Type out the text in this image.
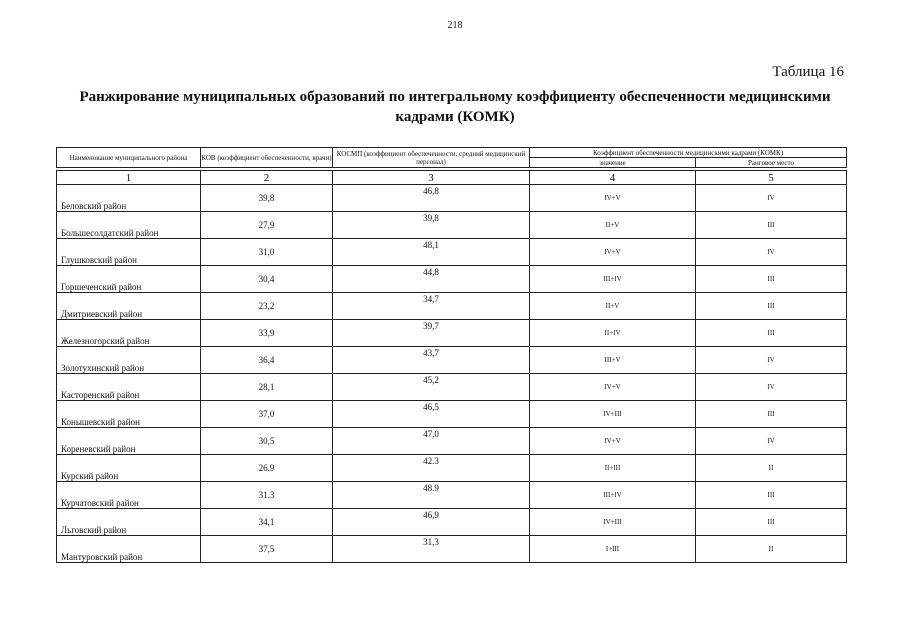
218
Таблица 16
Ранжирование муниципальных образований по интегральному коэффициенту обеспеченности медицинскими
кадрами (КОМК)
Наименование муниципального района	КОВ (коэффициент обеспеченности, врачи)	КОСМП (коэффициент обеспеченности, средний медицинский персонал)	Коэффициент обеспеченности медицинскими кадрами (КОМК)	
			значение	Ранговое место

1	2	3	4	5
Беловский район	39,8	46,8	IV+V	IV
Большесолдатский район	27,9	39,8	II+V	III
Глушковский район	31,0	48,1	IV+V	IV
Горшеченский район	30,4	44,8	III+IV	III
Дмитриевский район	23,2	34,7	II+V	III
Железногорский район	33,9	39,7	II+IV	III
Золотухинский район	36,4	43,7	III+V	IV
Касторенский район	28,1	45,2	IV+V	IV
Конышевский район	37,0	46,5	IV+III	III
Кореневский район	30,5	47,0	IV+V	IV
Курский район	26.9	42.3	II+III	II
Курчатовский район	31.3	48.9	III+IV	III
Льговский район	34,1	46,9	IV+III	III
Мантуровский район	37,5	31,3	I+III	II
